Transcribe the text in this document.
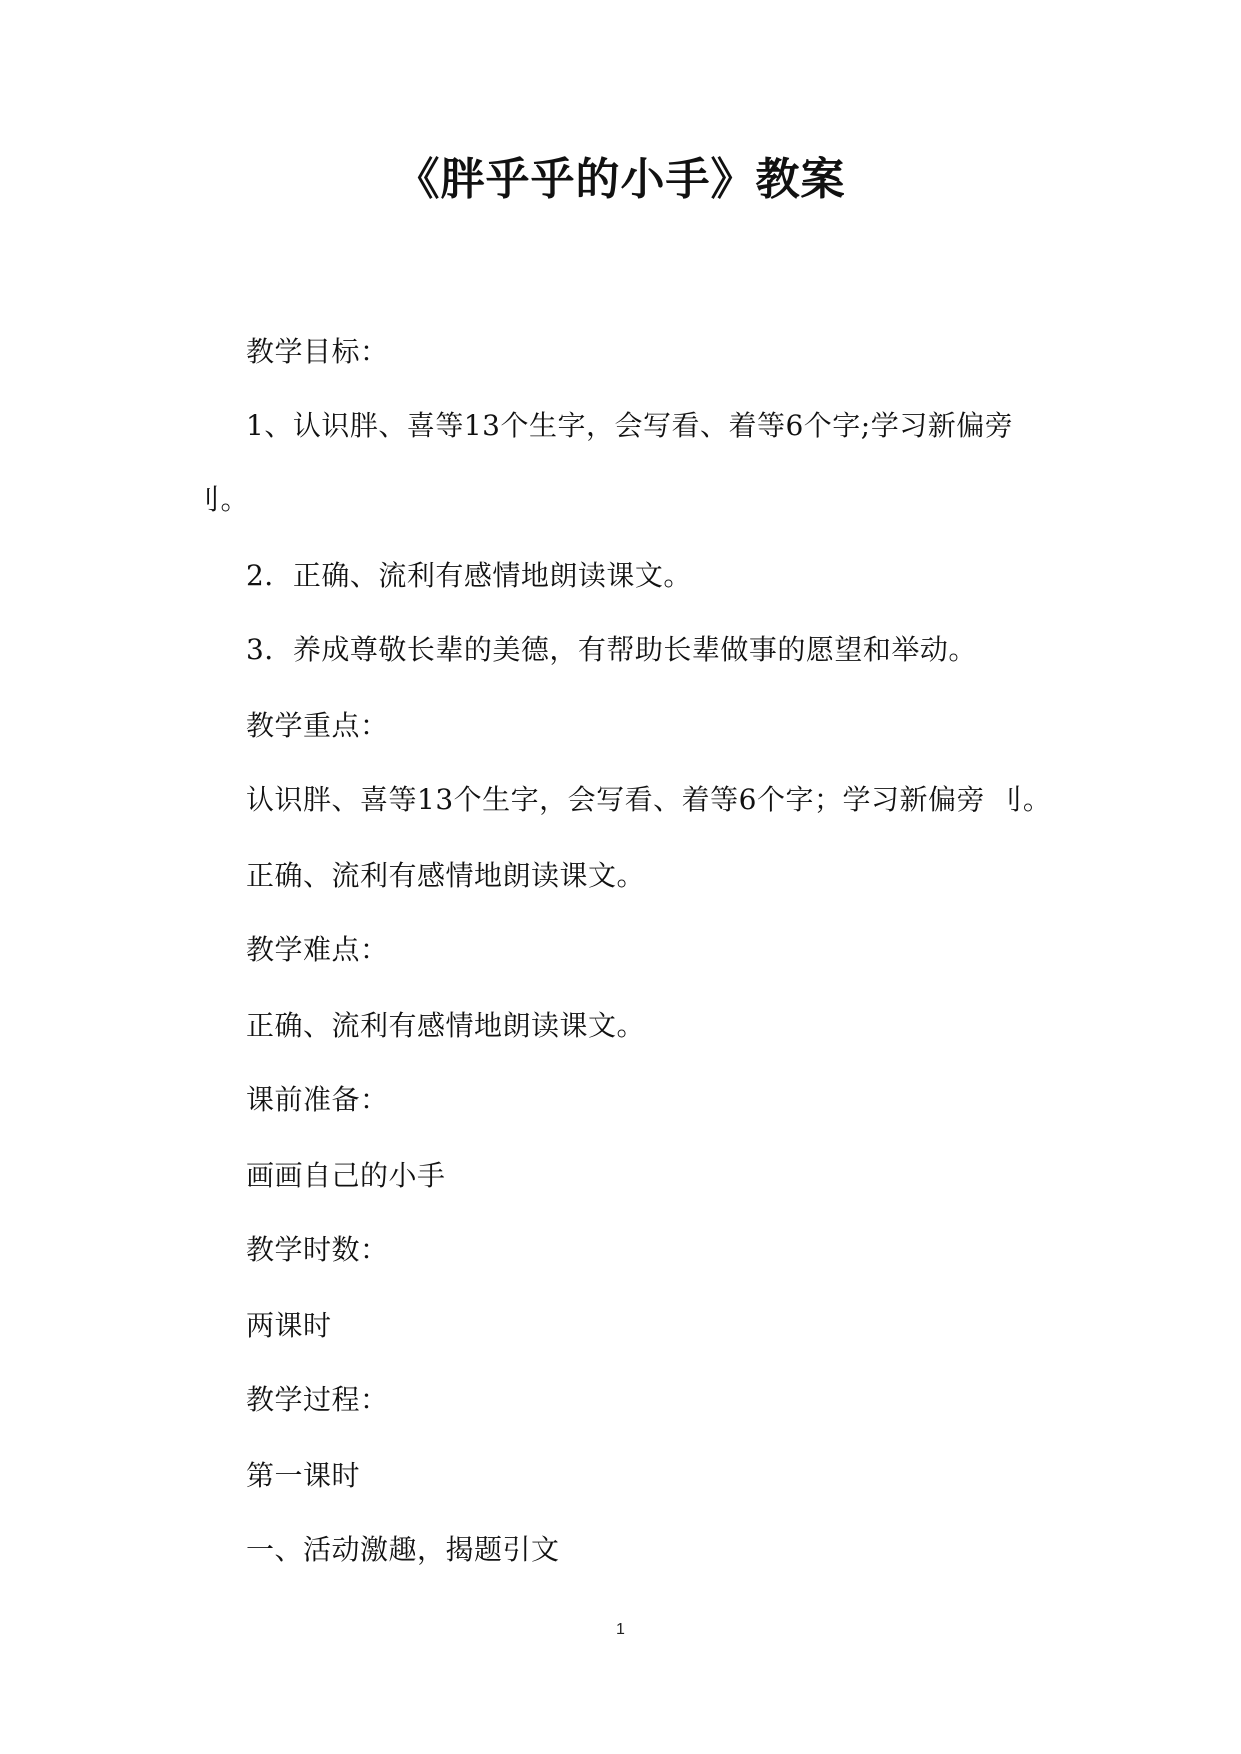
《胖乎乎的小手》教案
教学目标：
1、认识胖、喜等13个生字，会写看、着等6个字;学习新偏旁
刂。
2．正确、流利有感情地朗读课文。
3．养成尊敬长辈的美德，有帮助长辈做事的愿望和举动。
教学重点：
认识胖、喜等13个生字，会写看、着等6个字；学习新偏旁 刂。
正确、流利有感情地朗读课文。
教学难点：
正确、流利有感情地朗读课文。
课前准备：
画画自己的小手
教学时数：
两课时
教学过程：
第一课时
一、活动激趣，揭题引文
1
